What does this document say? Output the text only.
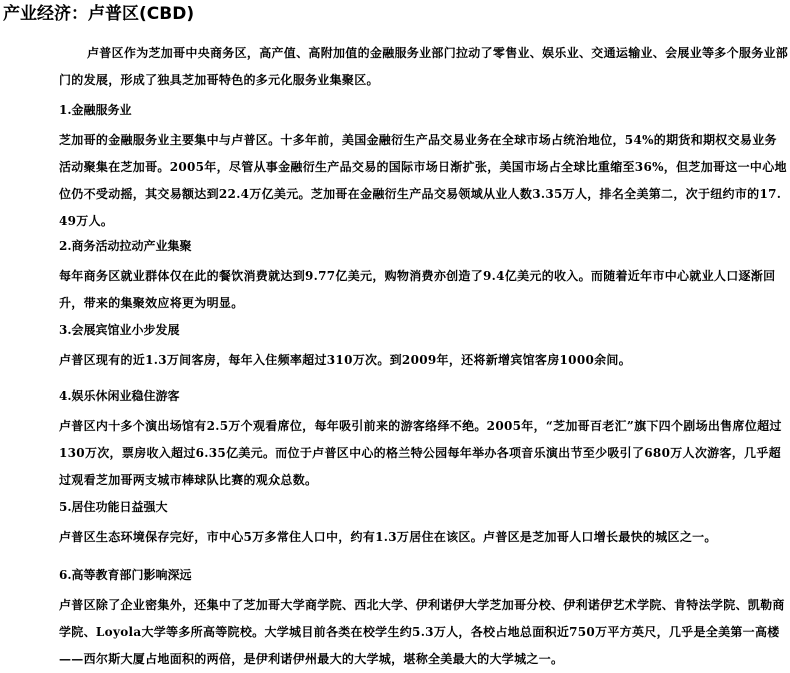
产业经济：卢普区(CBD)

卢普区作为芝加哥中央商务区，高产值、高附加值的金融服务业部门拉动了零售业、娱乐业、交通运输业、会展业等多个服务业部门的发展，形成了独具芝加哥特色的多元化服务业集聚区。

1.金融服务业

芝加哥的金融服务业主要集中与卢普区。十多年前，美国金融衍生产品交易业务在全球市场占统治地位，54%的期货和期权交易业务活动聚集在芝加哥。2005年，尽管从事金融衍生产品交易的国际市场日渐扩张，美国市场占全球比重缩至36%，但芝加哥这一中心地位仍不受动摇，其交易额达到22.4万亿美元。芝加哥在金融衍生产品交易领域从业人数3.35万人，排名全美第二，次于纽约市的17.49万人。

2.商务活动拉动产业集聚

每年商务区就业群体仅在此的餐饮消费就达到9.77亿美元，购物消费亦创造了9.4亿美元的收入。而随着近年市中心就业人口逐渐回升，带来的集聚效应将更为明显。

3.会展宾馆业小步发展

卢普区现有的近1.3万间客房，每年入住频率超过310万次。到2009年，还将新增宾馆客房1000余间。

4.娱乐休闲业稳住游客

卢普区内十多个演出场馆有2.5万个观看席位，每年吸引前来的游客络绎不绝。2005年，“芝加哥百老汇”旗下四个剧场出售席位超过130万次，票房收入超过6.35亿美元。而位于卢普区中心的格兰特公园每年举办各项音乐演出节至少吸引了680万人次游客，几乎超过观看芝加哥两支城市棒球队比赛的观众总数。

5.居住功能日益强大

卢普区生态环境保存完好，市中心5万多常住人口中，约有1.3万居住在该区。卢普区是芝加哥人口增长最快的城区之一。

6.高等教育部门影响深远

卢普区除了企业密集外，还集中了芝加哥大学商学院、西北大学、伊利诺伊大学芝加哥分校、伊利诺伊艺术学院、肯特法学院、凯勒商学院、Loyola大学等多所高等院校。大学城目前各类在校学生约5.3万人，各校占地总面积近750万平方英尺，几乎是全美第一高楼——西尔斯大厦占地面积的两倍，是伊利诺伊州最大的大学城，堪称全美最大的大学城之一。
